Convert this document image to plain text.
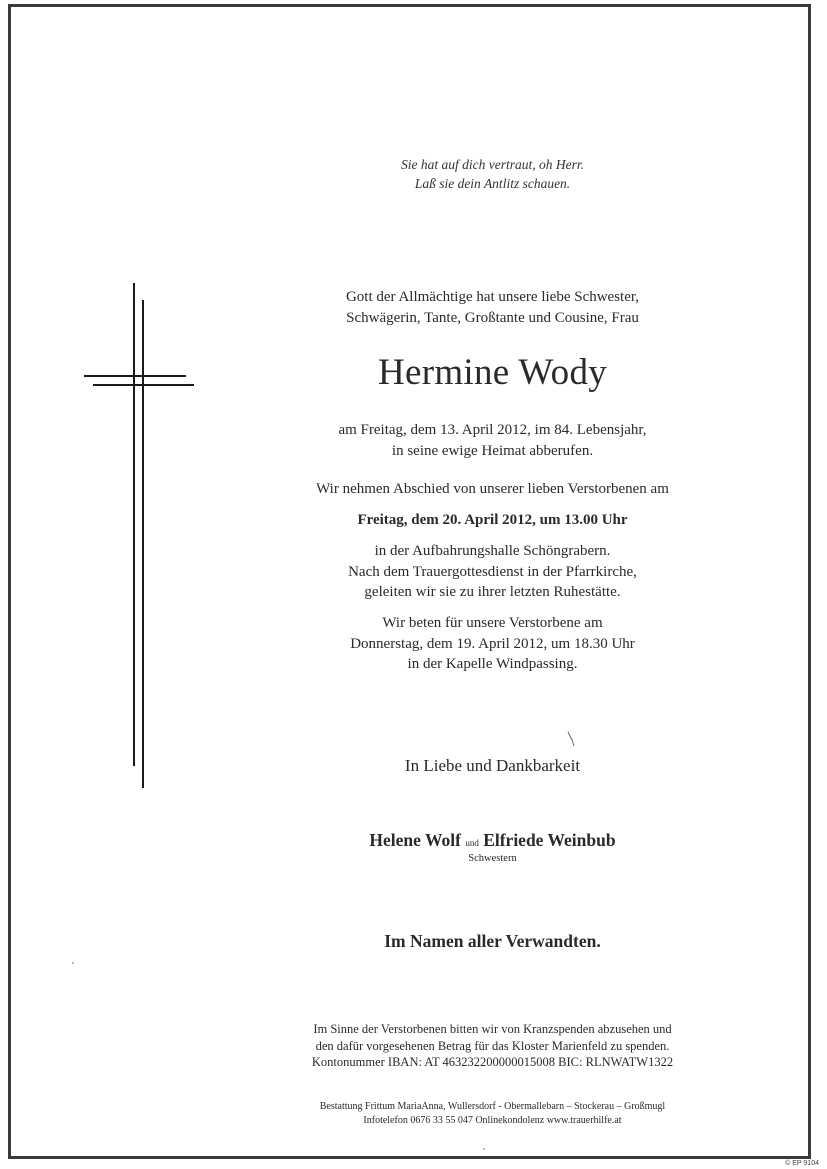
Sie hat auf dich vertraut, oh Herr.
Laß sie dein Antlitz schauen.
Gott der Allmächtige hat unsere liebe Schwester,
Schwägerin, Tante, Großtante und Cousine, Frau
Hermine Wody
am Freitag, dem 13. April 2012, im 84. Lebensjahr,
in seine ewige Heimat abberufen.
Wir nehmen Abschied von unserer lieben Verstorbenen am
Freitag, dem 20. April 2012, um 13.00 Uhr
in der Aufbahrungshalle Schöngrabern.
Nach dem Trauergottesdienst in der Pfarrkirche,
geleiten wir sie zu ihrer letzten Ruhestätte.
Wir beten für unsere Verstorbene am
Donnerstag, dem 19. April 2012, um 18.30 Uhr
in der Kapelle Windpassing.
In Liebe und Dankbarkeit
Helene Wolf und Elfriede Weinbub
Schwestern
Im Namen aller Verwandten.
Im Sinne der Verstorbenen bitten wir von Kranzspenden abzusehen und
den dafür vorgesehenen Betrag für das Kloster Marienfeld zu spenden.
Kontonummer IBAN: AT 463232200000015008 BIC: RLNWATW1322
Bestattung Frittum MariaAnna, Wullersdorf - Obermallebarn – Stockerau – Großmugl
Infotelefon 0676 33 55 047 Onlinekondolenz www.trauerhilfe.at
© EP 9104
